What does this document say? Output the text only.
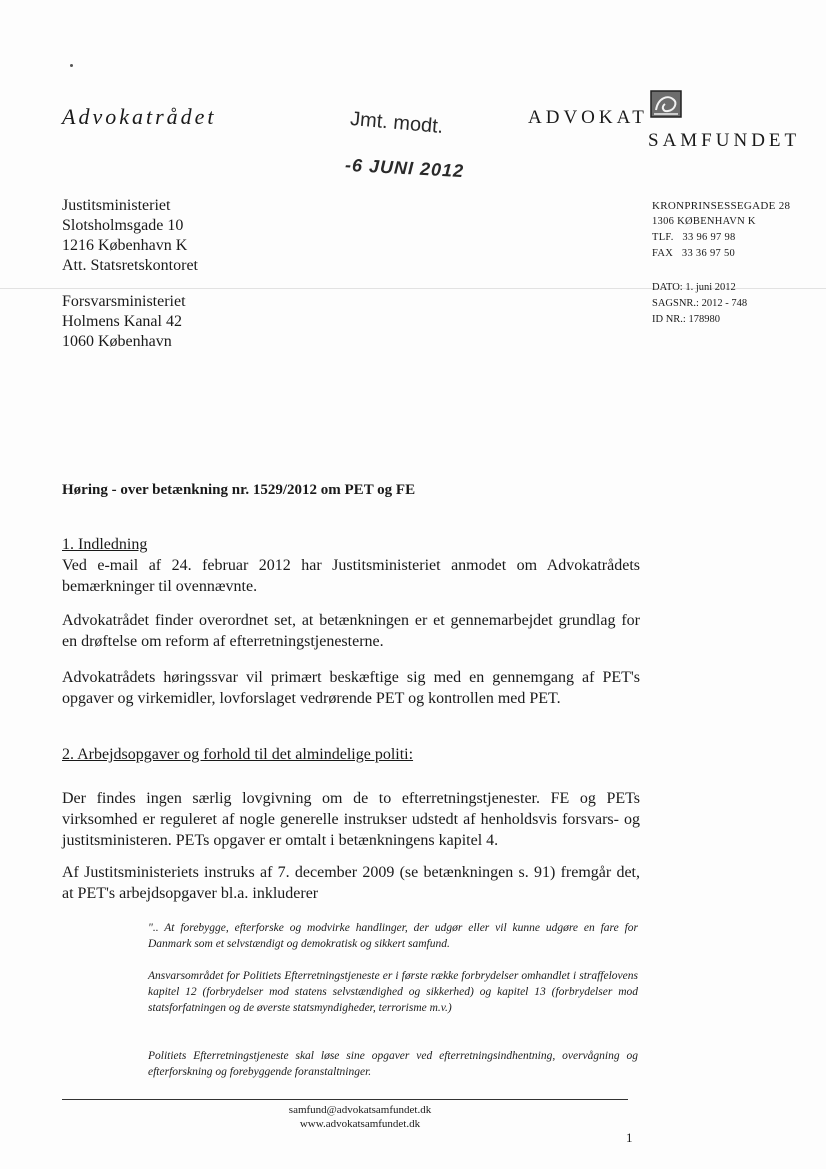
Advokatrådet	Jmt. modt.
-6 JUNI 2012
ADVOKAT
SAMFUNDET
Justitsministeriet
Slotsholmsgade 10
1216 København K
Att. Statsretskontoret
Forsvarsministeriet
Holmens Kanal 42
1060 København
KRONPRINSESSEGADE 28
1306 KØBENHAVN K
TLF.   33 96 97 98
FAX   33 36 97 50
DATO: 1. juni 2012
SAGSNR.: 2012 - 748
ID NR.: 178980
Høring - over betænkning nr. 1529/2012 om PET og FE
1. Indledning
Ved e-mail af 24. februar 2012 har Justitsministeriet anmodet om Advokatrådets bemærkninger til ovennævnte.
Advokatrådet finder overordnet set, at betænkningen er et gennemarbejdet grundlag for en drøftelse om reform af efterretningstjenesterne.
Advokatrådets høringssvar vil primært beskæftige sig med en gennemgang af PET's opgaver og virkemidler, lovforslaget vedrørende PET og kontrollen med PET.
2. Arbejdsopgaver og forhold til det almindelige politi:
Der findes ingen særlig lovgivning om de to efterretningstjenester. FE og PETs virksomhed er reguleret af nogle generelle instrukser udstedt af henholdsvis forsvars- og justitsministeren. PETs opgaver er omtalt i betænkningens kapitel 4.
Af Justitsministeriets instruks af 7. december 2009 (se betænkningen s. 91) fremgår det, at PET's arbejdsopgaver bl.a. inkluderer
".. At forebygge, efterforske og modvirke handlinger, der udgør eller vil kunne udgøre en fare for Danmark som et selvstændigt og demokratisk og sikkert samfund.
Ansvarsområdet for Politiets Efterretningstjeneste er i første række forbrydelser omhandlet i straffelovens kapitel 12 (forbrydelser mod statens selvstændighed og sikkerhed) og kapitel 13 (forbrydelser mod statsforfatningen og de øverste statsmyndigheder, terrorisme m.v.)
Politiets Efterretningstjeneste skal løse sine opgaver ved efterretningsindhentning, overvågning og efterforskning og forebyggende foranstaltninger.
samfund@advokatsamfundet.dk
www.advokatsamfundet.dk
1
